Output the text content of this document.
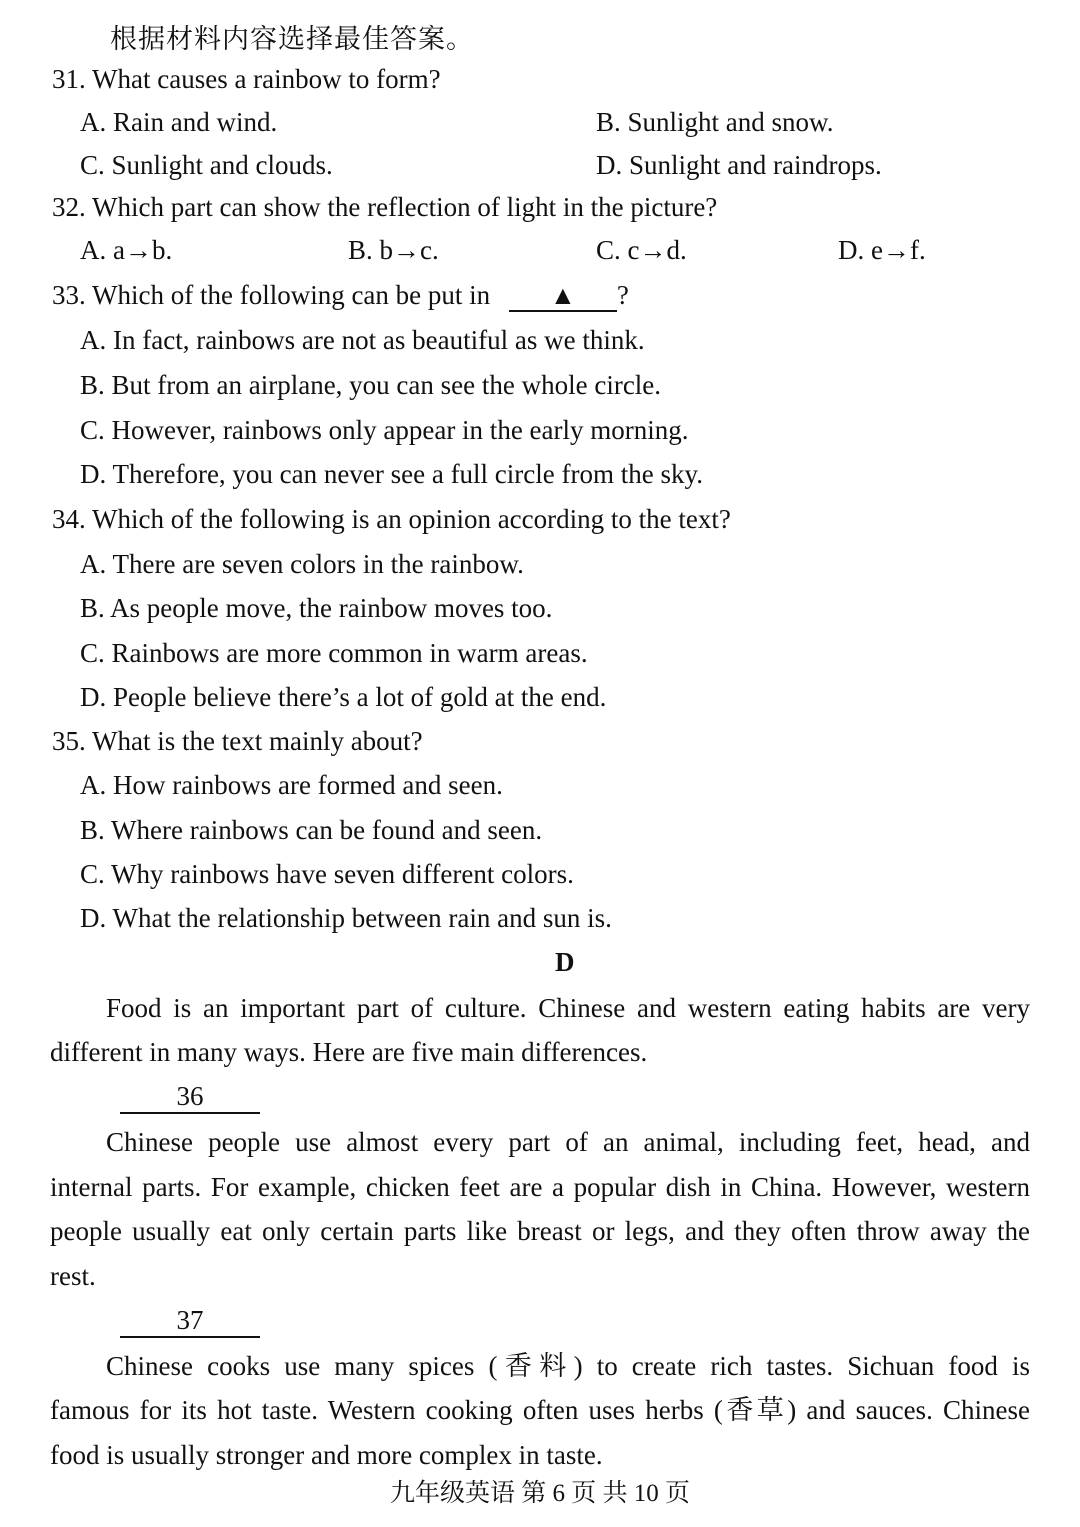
根据材料内容选择最佳答案。
31. What causes a rainbow to form?
A. Rain and wind.	B. Sunlight and snow.
C. Sunlight and clouds.	D. Sunlight and raindrops.
32. Which part can show the reflection of light in the picture?
A. a→b.	B. b→c.	C. c→d.	D. e→f.
33. Which of the following can be put in ▲ ?
A. In fact, rainbows are not as beautiful as we think.
B. But from an airplane, you can see the whole circle.
C. However, rainbows only appear in the early morning.
D. Therefore, you can never see a full circle from the sky.
34. Which of the following is an opinion according to the text?
A. There are seven colors in the rainbow.
B. As people move, the rainbow moves too.
C. Rainbows are more common in warm areas.
D. People believe there’s a lot of gold at the end.
35. What is the text mainly about?
A. How rainbows are formed and seen.
B. Where rainbows can be found and seen.
C. Why rainbows have seven different colors.
D. What the relationship between rain and sun is.
D
Food is an important part of culture. Chinese and western eating habits are very
different in many ways. Here are five main differences.
36
Chinese people use almost every part of an animal, including feet, head, and
internal parts. For example, chicken feet are a popular dish in China. However, western
people usually eat only certain parts like breast or legs, and they often throw away the
rest.
37
Chinese cooks use many spices (香料) to create rich tastes. Sichuan food is
famous for its hot taste. Western cooking often uses herbs (香草) and sauces. Chinese
food is usually stronger and more complex in taste.
九年级英语 第 6 页 共 10 页
